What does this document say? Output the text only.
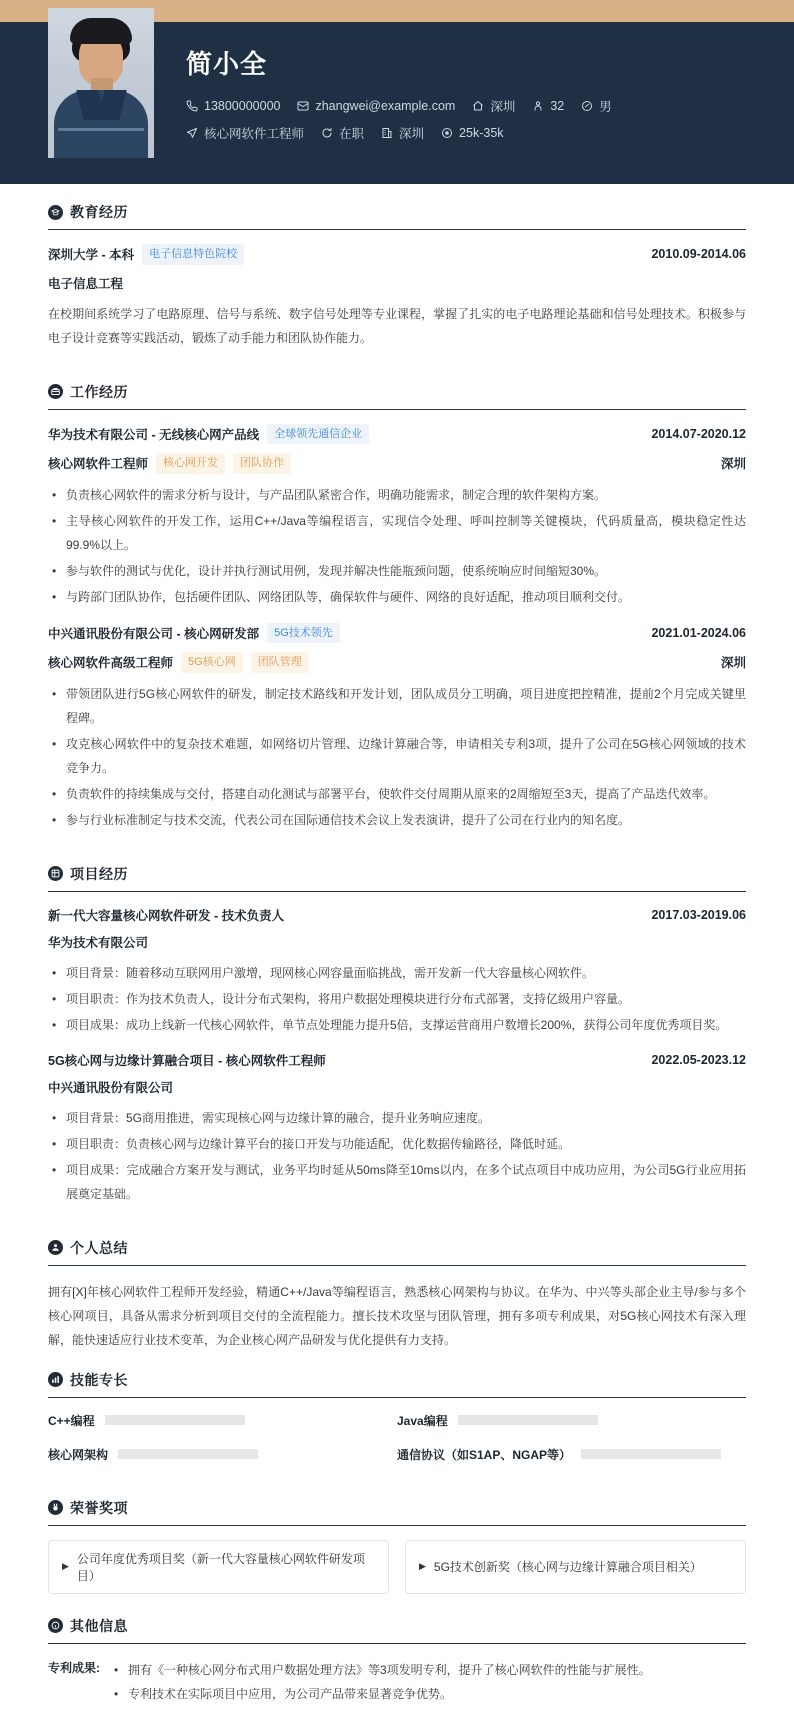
简小全
13800000000	zhangwei@example.com	深圳	32	男
核心网软件工程师	在职	深圳	25k-35k
教育经历
深圳大学 - 本科	电子信息特色院校	2010.09-2014.06
电子信息工程
在校期间系统学习了电路原理、信号与系统、数字信号处理等专业课程，掌握了扎实的电子电路理论基础和信号处理技术。积极参与电子设计竞赛等实践活动，锻炼了动手能力和团队协作能力。
工作经历
华为技术有限公司 - 无线核心网产品线	全球领先通信企业	2014.07-2020.12
核心网软件工程师	核心网开发	团队协作	深圳
• 负责核心网软件的需求分析与设计，与产品团队紧密合作，明确功能需求，制定合理的软件架构方案。
• 主导核心网软件的开发工作，运用C++/Java等编程语言，实现信令处理、呼叫控制等关键模块，代码质量高，模块稳定性达99.9%以上。
• 参与软件的测试与优化，设计并执行测试用例，发现并解决性能瓶颈问题，使系统响应时间缩短30%。
• 与跨部门团队协作，包括硬件团队、网络团队等，确保软件与硬件、网络的良好适配，推动项目顺利交付。
中兴通讯股份有限公司 - 核心网研发部	5G技术领先	2021.01-2024.06
核心网软件高级工程师	5G核心网	团队管理	深圳
• 带领团队进行5G核心网软件的研发，制定技术路线和开发计划，团队成员分工明确，项目进度把控精准，提前2个月完成关键里程碑。
• 攻克核心网软件中的复杂技术难题，如网络切片管理、边缘计算融合等，申请相关专利3项，提升了公司在5G核心网领域的技术竞争力。
• 负责软件的持续集成与交付，搭建自动化测试与部署平台，使软件交付周期从原来的2周缩短至3天，提高了产品迭代效率。
• 参与行业标准制定与技术交流，代表公司在国际通信技术会议上发表演讲，提升了公司在行业内的知名度。
项目经历
新一代大容量核心网软件研发 - 技术负责人	2017.03-2019.06
华为技术有限公司
• 项目背景：随着移动互联网用户激增，现网核心网容量面临挑战，需开发新一代大容量核心网软件。
• 项目职责：作为技术负责人，设计分布式架构，将用户数据处理模块进行分布式部署，支持亿级用户容量。
• 项目成果：成功上线新一代核心网软件，单节点处理能力提升5倍，支撑运营商用户数增长200%，获得公司年度优秀项目奖。
5G核心网与边缘计算融合项目 - 核心网软件工程师	2022.05-2023.12
中兴通讯股份有限公司
• 项目背景：5G商用推进，需实现核心网与边缘计算的融合，提升业务响应速度。
• 项目职责：负责核心网与边缘计算平台的接口开发与功能适配，优化数据传输路径，降低时延。
• 项目成果：完成融合方案开发与测试，业务平均时延从50ms降至10ms以内，在多个试点项目中成功应用，为公司5G行业应用拓展奠定基础。
个人总结
拥有[X]年核心网软件工程师开发经验，精通C++/Java等编程语言，熟悉核心网架构与协议。在华为、中兴等头部企业主导/参与多个核心网项目，具备从需求分析到项目交付的全流程能力。擅长技术攻坚与团队管理，拥有多项专利成果，对5G核心网技术有深入理解，能快速适应行业技术变革，为企业核心网产品研发与优化提供有力支持。
技能专长
C++编程	Java编程
核心网架构	通信协议（如S1AP、NGAP等）
荣誉奖项
▶
公司年度优秀项目奖（新一代大容量核心网软件研发项目）
▶ 5G技术创新奖（核心网与边缘计算融合项目相关）
其他信息
专利成果:	• 拥有《一种核心网分布式用户数据处理方法》等3项发明专利，提升了核心网软件的性能与扩展性。
• 专利技术在实际项目中应用，为公司产品带来显著竞争优势。
